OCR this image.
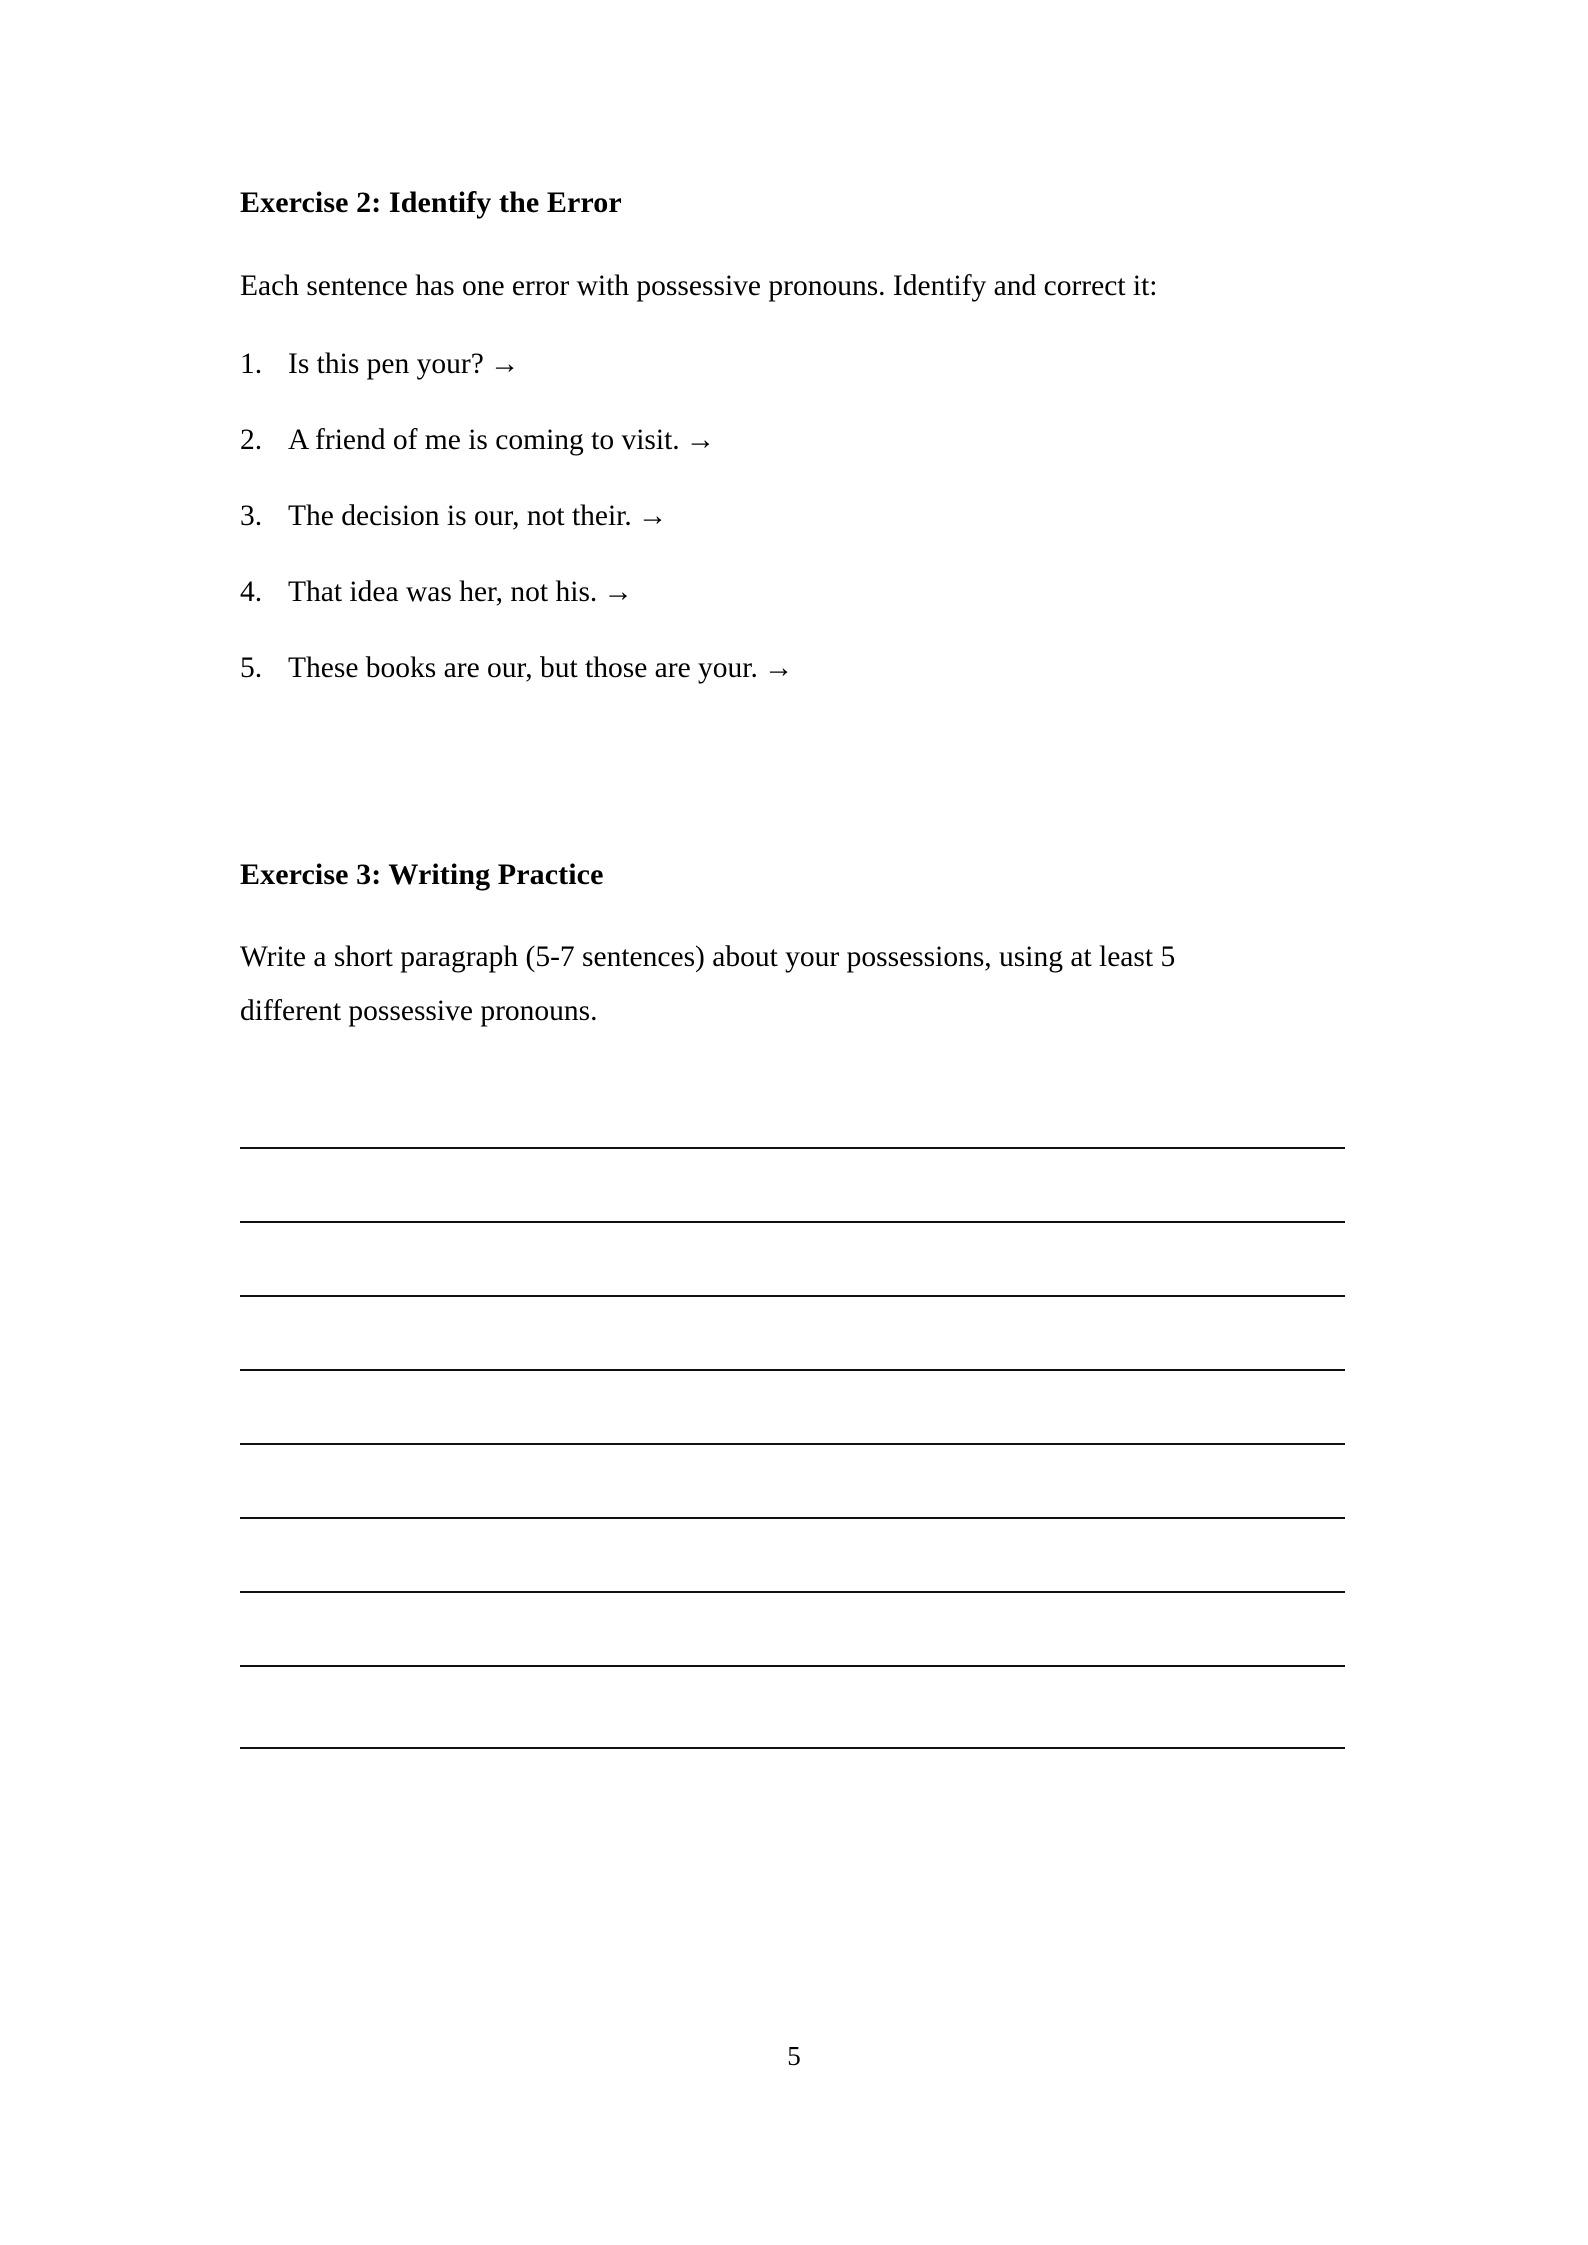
Exercise 2: Identify the Error

Each sentence has one error with possessive pronouns. Identify and correct it:

1. Is this pen your? →
2. A friend of me is coming to visit. →
3. The decision is our, not their. →
4. That idea was her, not his. →
5. These books are our, but those are your. →
Exercise 3: Writing Practice

Write a short paragraph (5-7 sentences) about your possessions, using at least 5 different possessive pronouns.

5
